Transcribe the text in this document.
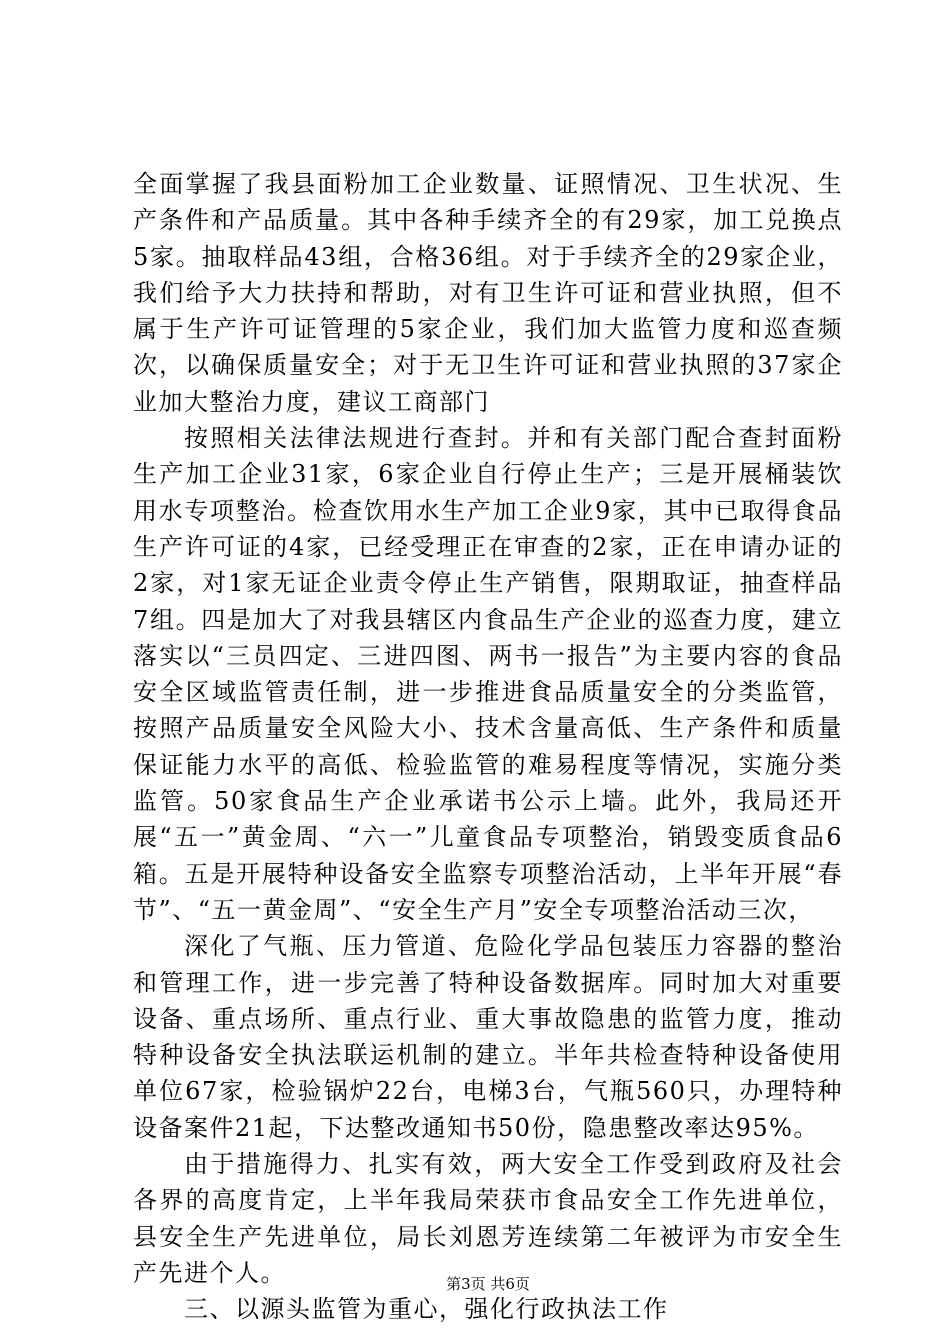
全面掌握了我县面粉加工企业数量、证照情况、卫生状况、生产条件和产品质量。其中各种手续齐全的有29家，加工兑换点5家。抽取样品43组，合格36组。对于手续齐全的29家企业，我们给予大力扶持和帮助，对有卫生许可证和营业执照，但不属于生产许可证管理的5家企业，我们加大监管力度和巡查频次，以确保质量安全；对于无卫生许可证和营业执照的37家企业加大整治力度，建议工商部门

按照相关法律法规进行查封。并和有关部门配合查封面粉生产加工企业31家，6家企业自行停止生产；三是开展桶装饮用水专项整治。检查饮用水生产加工企业9家，其中已取得食品生产许可证的4家，已经受理正在审查的2家，正在申请办证的2家，对1家无证企业责令停止生产销售，限期取证，抽查样品7组。四是加大了对我县辖区内食品生产企业的巡查力度，建立落实以“三员四定、三进四图、两书一报告”为主要内容的食品安全区域监管责任制，进一步推进食品质量安全的分类监管，按照产品质量安全风险大小、技术含量高低、生产条件和质量保证能力水平的高低、检验监管的难易程度等情况，实施分类监管。50家食品生产企业承诺书公示上墙。此外，我局还开展“五一”黄金周、“六一”儿童食品专项整治，销毁变质食品6箱。五是开展特种设备安全监察专项整治活动，上半年开展“春节”、“五一黄金周”、“安全生产月”安全专项整治活动三次，

深化了气瓶、压力管道、危险化学品包装压力容器的整治和管理工作，进一步完善了特种设备数据库。同时加大对重要设备、重点场所、重点行业、重大事故隐患的监管力度，推动特种设备安全执法联运机制的建立。半年共检查特种设备使用单位67家，检验锅炉22台，电梯3台，气瓶560只，办理特种设备案件21起，下达整改通知书50份，隐患整改率达95%。

由于措施得力、扎实有效，两大安全工作受到政府及社会各界的高度肯定，上半年我局荣获市食品安全工作先进单位，县安全生产先进单位，局长刘恩芳连续第二年被评为市安全生产先进个人。

三、以源头监管为重心，强化行政执法工作

第3页 共6页
